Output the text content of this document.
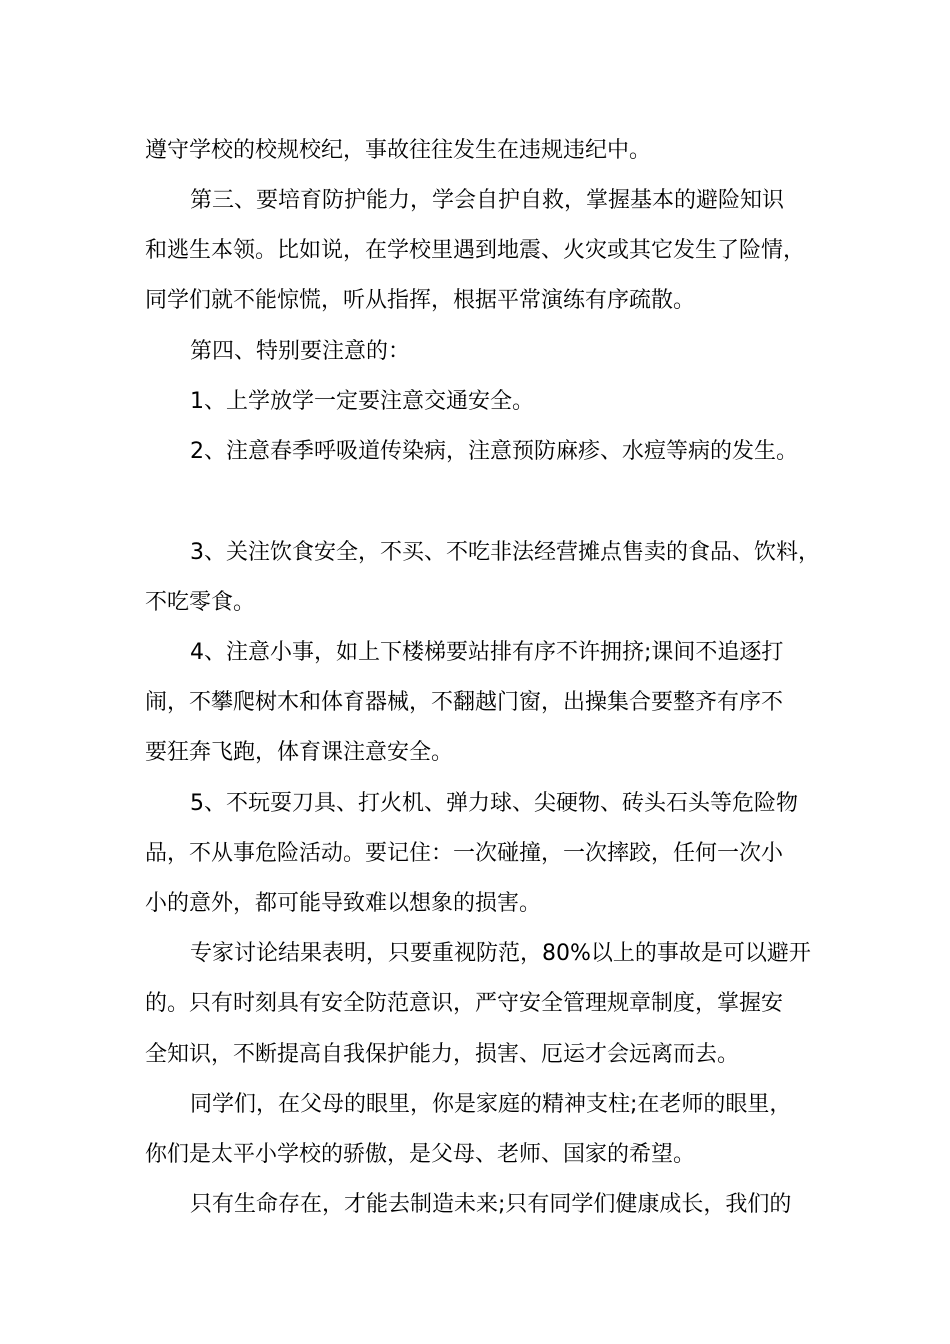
遵守学校的校规校纪，事故往往发生在违规违纪中。
第三、要培育防护能力，学会自护自救，掌握基本的避险知识
和逃生本领。比如说，在学校里遇到地震、火灾或其它发生了险情，
同学们就不能惊慌，听从指挥，根据平常演练有序疏散。
第四、特别要注意的：
1、上学放学一定要注意交通安全。
2、注意春季呼吸道传染病，注意预防麻疹、水痘等病的发生。
3、关注饮食安全，不买、不吃非法经营摊点售卖的食品、饮料，
不吃零食。
4、注意小事，如上下楼梯要站排有序不许拥挤;课间不追逐打
闹，不攀爬树木和体育器械，不翻越门窗，出操集合要整齐有序不
要狂奔飞跑，体育课注意安全。
5、不玩耍刀具、打火机、弹力球、尖硬物、砖头石头等危险物
品，不从事危险活动。要记住：一次碰撞，一次摔跤，任何一次小
小的意外，都可能导致难以想象的损害。
专家讨论结果表明，只要重视防范，80%以上的事故是可以避开
的。只有时刻具有安全防范意识，严守安全管理规章制度，掌握安
全知识，不断提高自我保护能力，损害、厄运才会远离而去。
同学们，在父母的眼里，你是家庭的精神支柱;在老师的眼里，
你们是太平小学校的骄傲，是父母、老师、国家的希望。
只有生命存在，才能去制造未来;只有同学们健康成长，我们的
